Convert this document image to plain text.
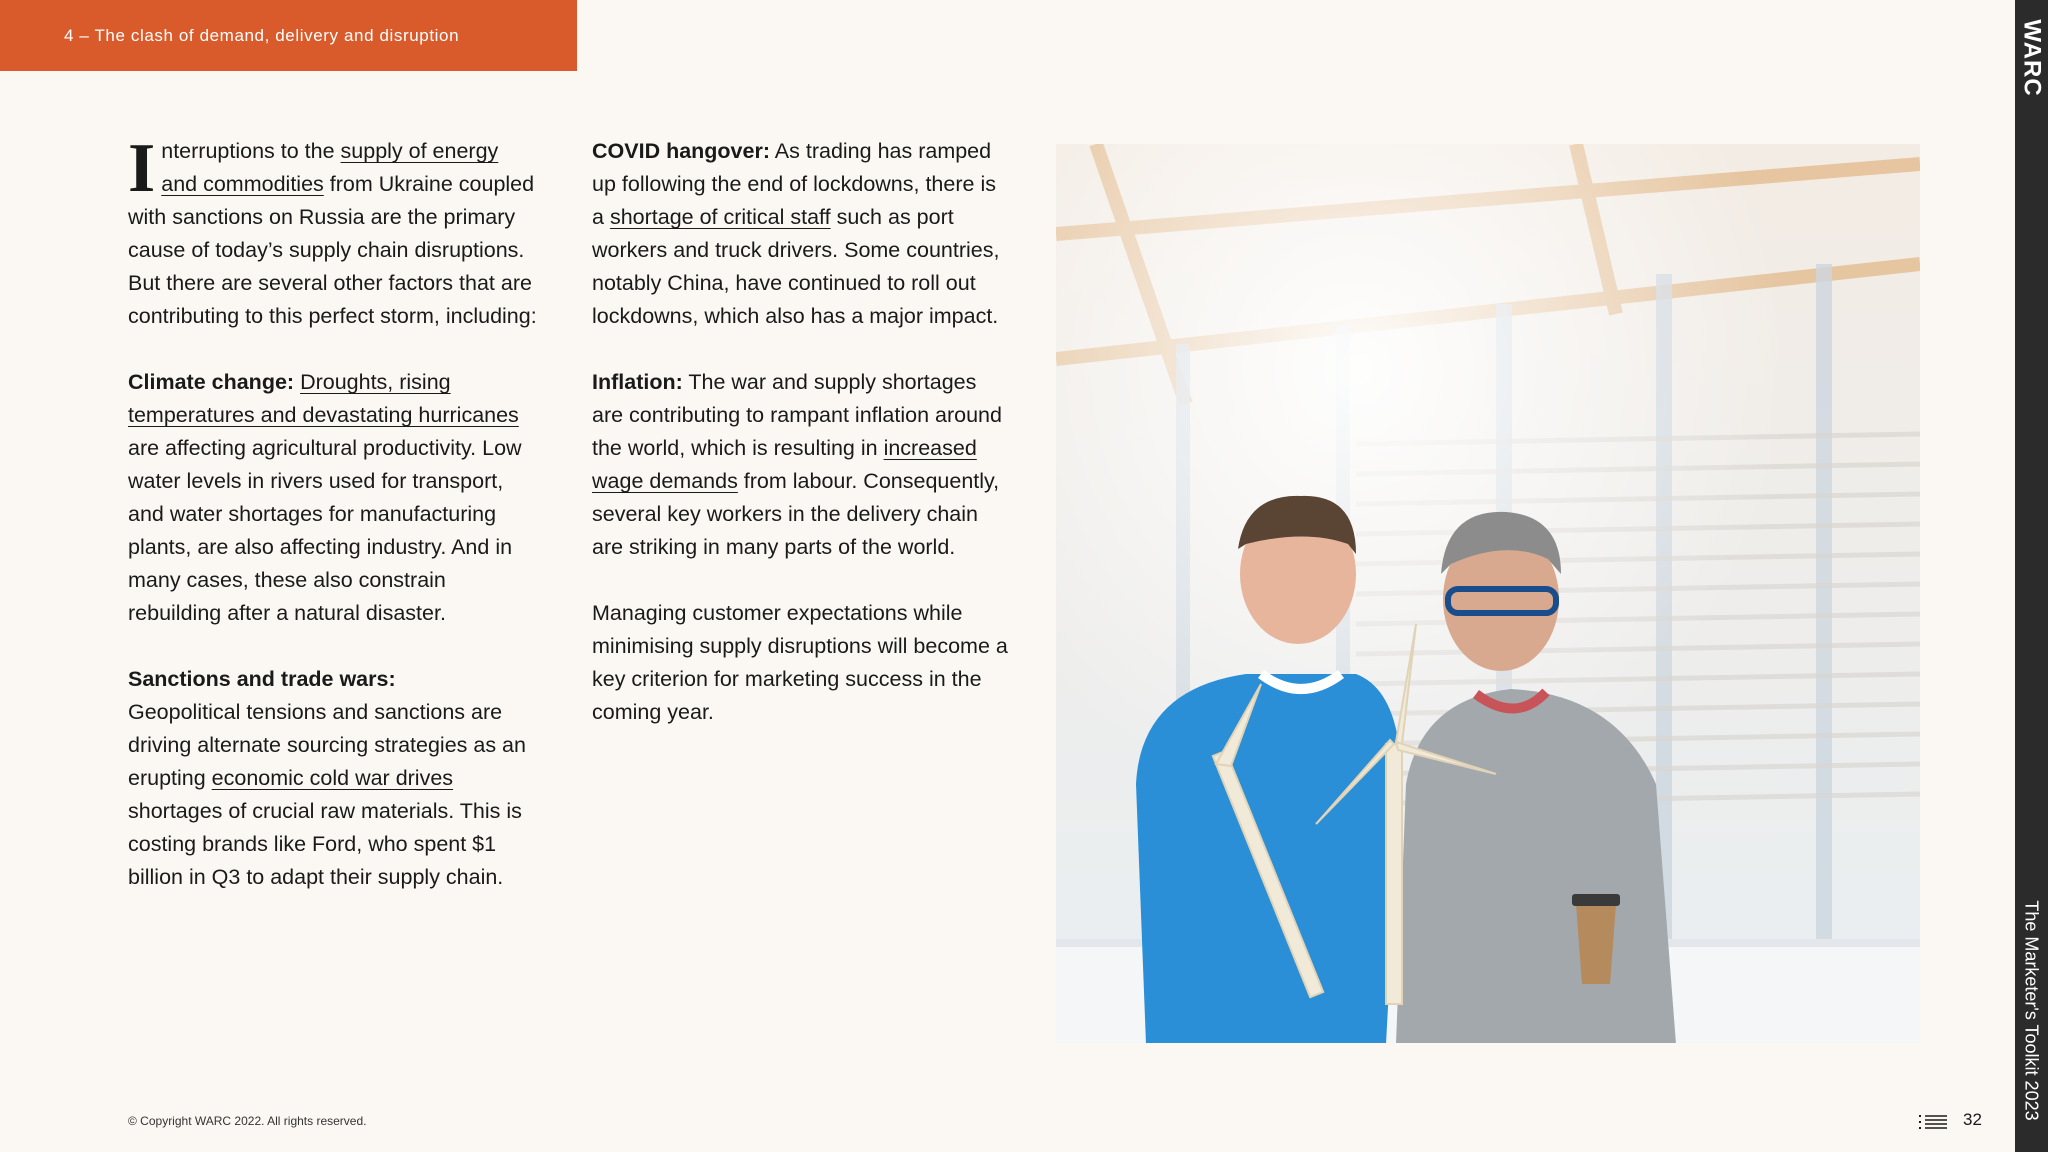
4 – The clash of demand, delivery and disruption

Interruptions to the supply of energy and commodities from Ukraine coupled with sanctions on Russia are the primary cause of today’s supply chain disruptions. But there are several other factors that are contributing to this perfect storm, including:

Climate change: Droughts, rising temperatures and devastating hurricanes are affecting agricultural productivity. Low water levels in rivers used for transport, and water shortages for manufacturing plants, are also affecting industry. And in many cases, these also constrain rebuilding after a natural disaster.

Sanctions and trade wars:
Geopolitical tensions and sanctions are driving alternate sourcing strategies as an erupting economic cold war drives shortages of crucial raw materials. This is costing brands like Ford, who spent $1 billion in Q3 to adapt their supply chain.

COVID hangover: As trading has ramped up following the end of lockdowns, there is a shortage of critical staff such as port workers and truck drivers. Some countries, notably China, have continued to roll out lockdowns, which also has a major impact.

Inflation: The war and supply shortages are contributing to rampant inflation around the world, which is resulting in increased wage demands from labour. Consequently, several key workers in the delivery chain are striking in many parts of the world.

Managing customer expectations while minimising supply disruptions will become a key criterion for marketing success in the coming year.

WARC
The Marketer's Toolkit 2023
© Copyright WARC 2022. All rights reserved.	32
